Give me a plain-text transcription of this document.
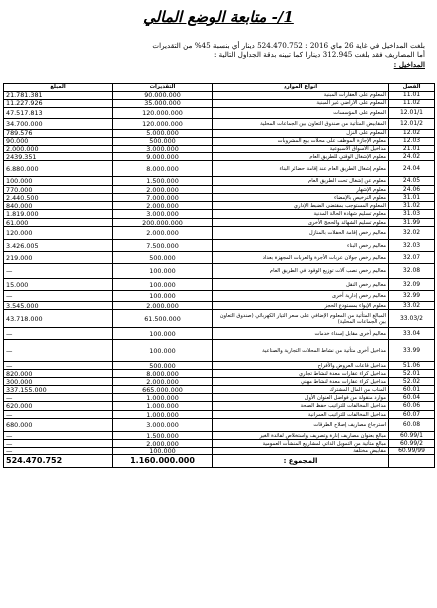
1/- متابعة الوضع المالي
بلغت المداخيل في غاية 26 ماي 2016 : 524.470.752 دينار أي بنسبة 45% من التقديرات
أما المصاريف فقد بلغت 312.945 دينارا كما تبينه بدقة الجداول التالية :
المداخيل :
الفصل	أنواع الموارد	التقديرات	المبلغ
11.01	المعلوم على العقارات المبنية	90.000.000	21.781.381
11.02	المعلوم على الأراضي غير المبنية	35.000.000	11.227.926
12.01/1	المعلوم على المؤسسات	120.000.000	47.517.813
12.01/2	المقابيض المتأتية من صندوق التعاون بين الجماعات المحلية	120.000.000	34.700.000
12.02	المعلوم على النزل	5.000.000	789.576
12.03	معلوم الإجازة الموظف على محلات بيع المشروبات	500.000	90.000
21.01	مداخيل الأسواق الأسبوعية	3.000.000	2.000.000
24.02	معلوم الإشغال الوقتي للطريق العام	9.000.000	2439.351
24.04	معلوم إشغال الطريق العام عند إقامة حضائر البناء	8.000.000	6.880.000
24.05	معلوم عن إشغال تحت الطريق العام	1.500.000	100.000
24.06	معلوم الإشهار	2.000.000	770.000
31.01	معلوم الترخيص بالإمضاء	7.000.000	2.440.500
31.02	المعلوم المستوجب بمقتضى الضبط الإداري	2.000.000	840.000
31.03	معلوم تسليم شهادة الحالة المدنية	3.000.000	1.819.000
31.99	معلوم تسليم الشهائد والحجج الأخرى	200.000.000	61.000
32.02	معاليم رخص إقامة الحفلات بالمنازل	2.000.000	120.000
32.03	معاليم رخص البناء	7.500.000	3.426.005
32.07	معاليم رخص جولان عربات الأجرة والعربات المجهزة بعداد	500.000	219.000
32.08	معاليم رخص نصب آلات توزيع الوقود في الطريق العام	100.000	—
32.09	معاليم رخص النقل	100.000	15.000
32.99	معاليم رخص إدارية أخرى	100.000	—
33.02	معلوم الإيواء بمستودع الحجز	2.000.000	3.545.000
33.03/2	المبالغ المتأتية من المعلوم الإضافي على سعر التيار الكهربائي (صندوق التعاون بين الجماعات المحلية)	61.500.000	43.718.000
33.04	معاليم أخرى مقابل إسداء خدمات	100.000	—
33.99	مداخيل أخرى متأتية من نشاط المحلات التجارية والصناعية	100.000	—
51.06	مداخيل قاعات العروض والأفراح	500.000	—
52.01	مداخيل كراء عقارات معدة لنشاط تجاري	8.000.000	820.000
52.02	مداخيل كراء عقارات معدة لنشاط مهني	2.000.000	300.000
60.01	المناب من المال المشترك	665.000.000	337.155.000
60.04	موارد منقولة من فواضل العنوان الأول	1.000.000	—
60.06	مداخيل المخالفات للتراتيب حفظ الصحة	1.000.000	620.000
60.07	مداخيل المخالفات للتراتيب العمرانية	1.000.000	—
60.08	استرجاع مصاريف إصلاح الطرقات	3.000.000	680.000
60.99/1	مبالغ بعنوان مصاريف إنارة وتصريف واستخلاص لفائدة الغير	1.500.000	—
60.99/2	مبالغ متأتية من التمويل الذاتي لمشاريع المنشآت العمومية	2.000.000	—
60.99/99	مقابيض مختلفة	100.000	—
	المجموع :	1.160.000.000	524.470.752
